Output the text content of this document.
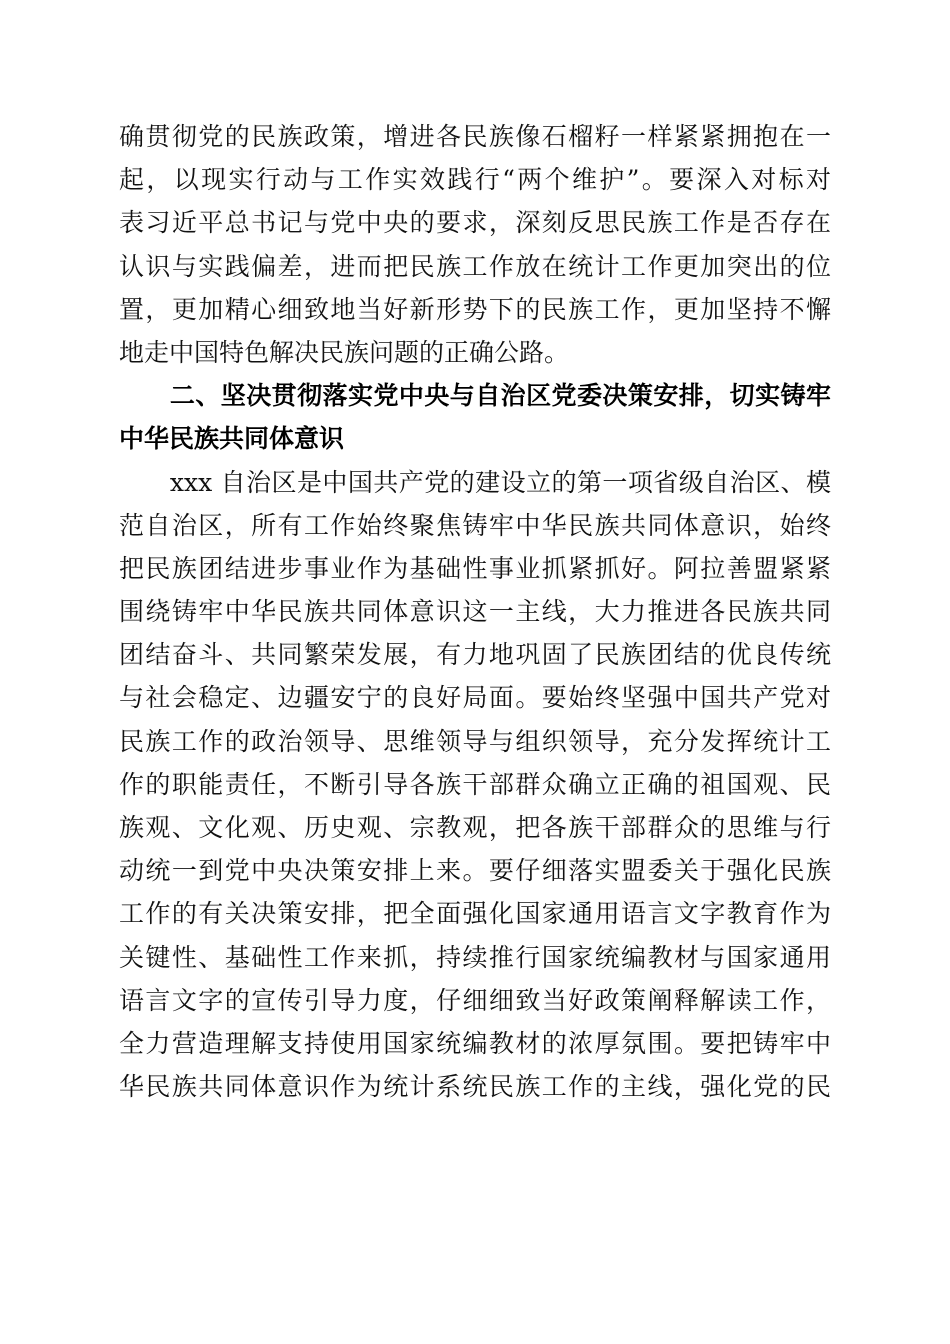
确贯彻党的民族政策，增进各民族像石榴籽一样紧紧拥抱在一
起，以现实行动与工作实效践行“两个维护”。要深入对标对
表习近平总书记与党中央的要求，深刻反思民族工作是否存在
认识与实践偏差，进而把民族工作放在统计工作更加突出的位
置，更加精心细致地当好新形势下的民族工作，更加坚持不懈
地走中国特色解决民族问题的正确公路。
　　二、坚决贯彻落实党中央与自治区党委决策安排，切实铸牢
中华民族共同体意识
　　xxx 自治区是中国共产党的建设立的第一项省级自治区、模
范自治区，所有工作始终聚焦铸牢中华民族共同体意识，始终
把民族团结进步事业作为基础性事业抓紧抓好。阿拉善盟紧紧
围绕铸牢中华民族共同体意识这一主线，大力推进各民族共同
团结奋斗、共同繁荣发展，有力地巩固了民族团结的优良传统
与社会稳定、边疆安宁的良好局面。要始终坚强中国共产党对
民族工作的政治领导、思维领导与组织领导，充分发挥统计工
作的职能责任，不断引导各族干部群众确立正确的祖国观、民
族观、文化观、历史观、宗教观，把各族干部群众的思维与行
动统一到党中央决策安排上来。要仔细落实盟委关于强化民族
工作的有关决策安排，把全面强化国家通用语言文字教育作为
关键性、基础性工作来抓，持续推行国家统编教材与国家通用
语言文字的宣传引导力度，仔细细致当好政策阐释解读工作，
全力营造理解支持使用国家统编教材的浓厚氛围。要把铸牢中
华民族共同体意识作为统计系统民族工作的主线，强化党的民
